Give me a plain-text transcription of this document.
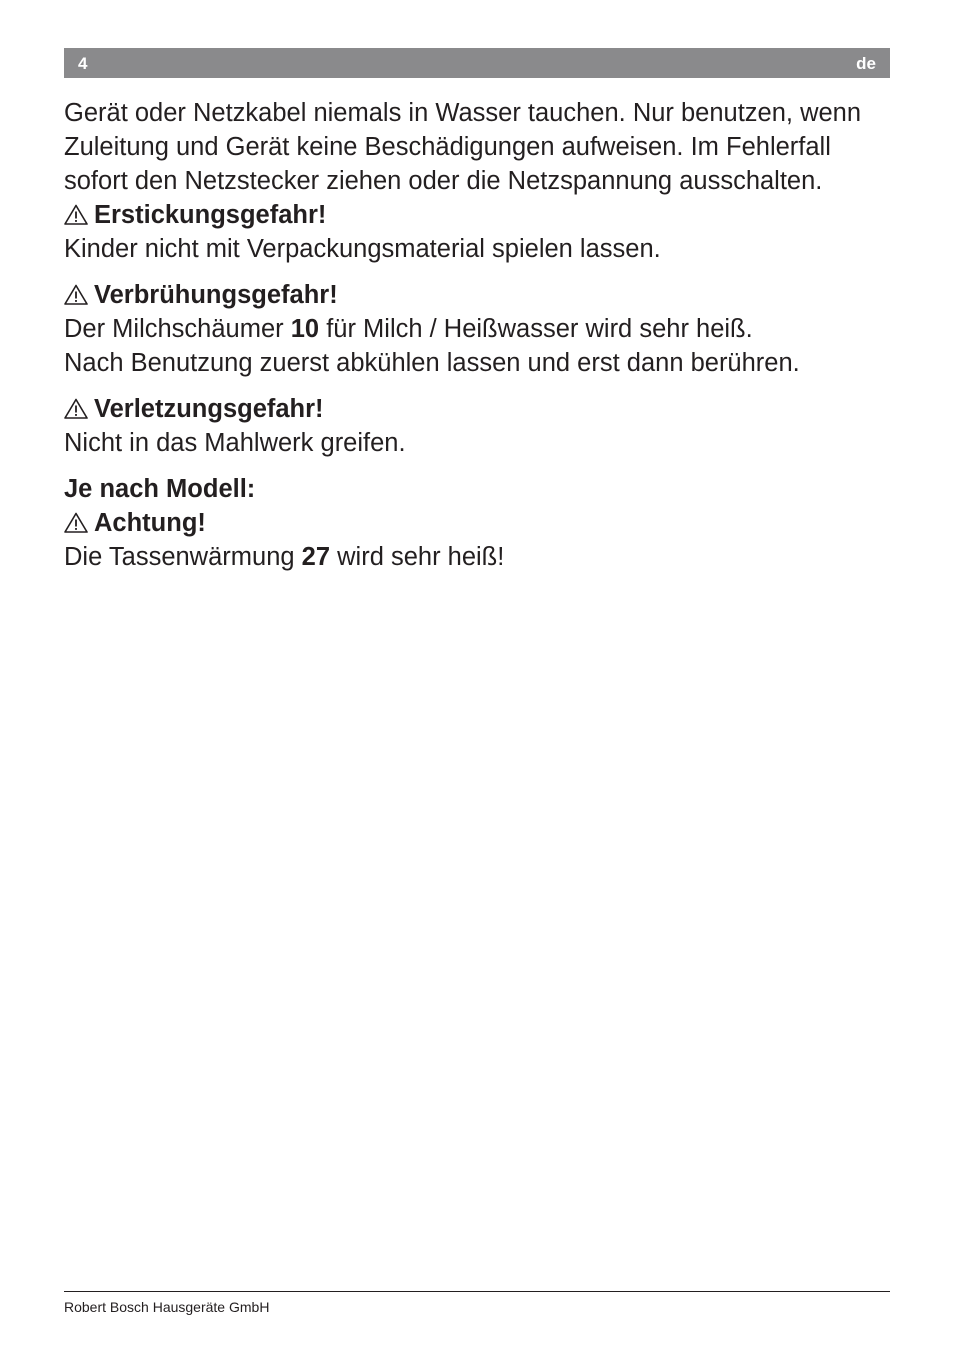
4	de

Gerät oder Netzkabel niemals in Wasser tauchen. Nur benutzen, wenn Zuleitung und Gerät keine Beschädigungen aufweisen. Im Fehlerfall sofort den Netzstecker ziehen oder die Netzspannung ausschalten.

Erstickungsgefahr!

Kinder nicht mit Verpackungsmaterial spielen lassen.

Verbrühungsgefahr!

Der Milchschäumer 10 für Milch / Heißwasser wird sehr heiß.

Nach Benutzung zuerst abkühlen lassen und erst dann berühren.

Verletzungsgefahr!

Nicht in das Mahlwerk greifen.

Je nach Modell:

Achtung!

Die Tassenwärmung 27 wird sehr heiß!

Robert Bosch Hausgeräte GmbH
